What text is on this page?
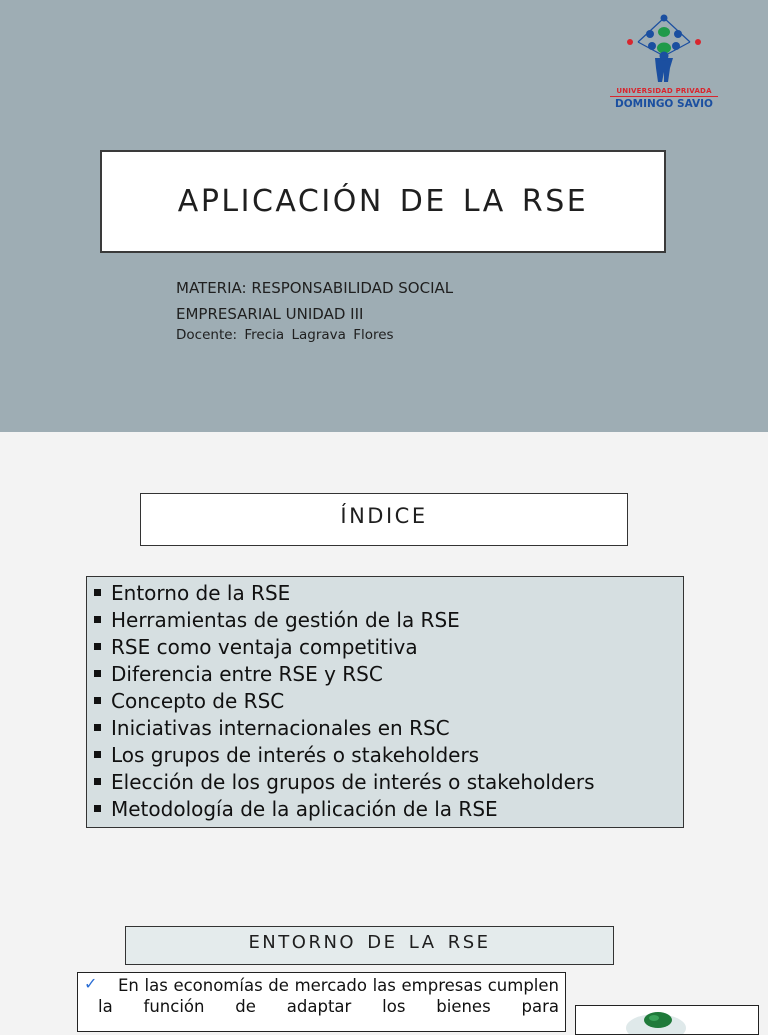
UNIVERSIDAD PRIVADA
DOMINGO SAVIO
APLICACIÓN DE LA RSE
MATERIA: RESPONSABILIDAD SOCIAL
EMPRESARIAL UNIDAD III
Docente: Frecia Lagrava Flores
ÍNDICE
Entorno de la RSE
Herramientas de gestión de la RSE
RSE como ventaja competitiva
Diferencia entre RSE y RSC
Concepto de RSC
Iniciativas internacionales en RSC
Los grupos de interés o stakeholders
Elección de los grupos de interés o stakeholders
Metodología de la aplicación de la RSE
ENTORNO DE LA RSE

✓ En las economías de mercado las empresas cumplen la función de adaptar los bienes para
